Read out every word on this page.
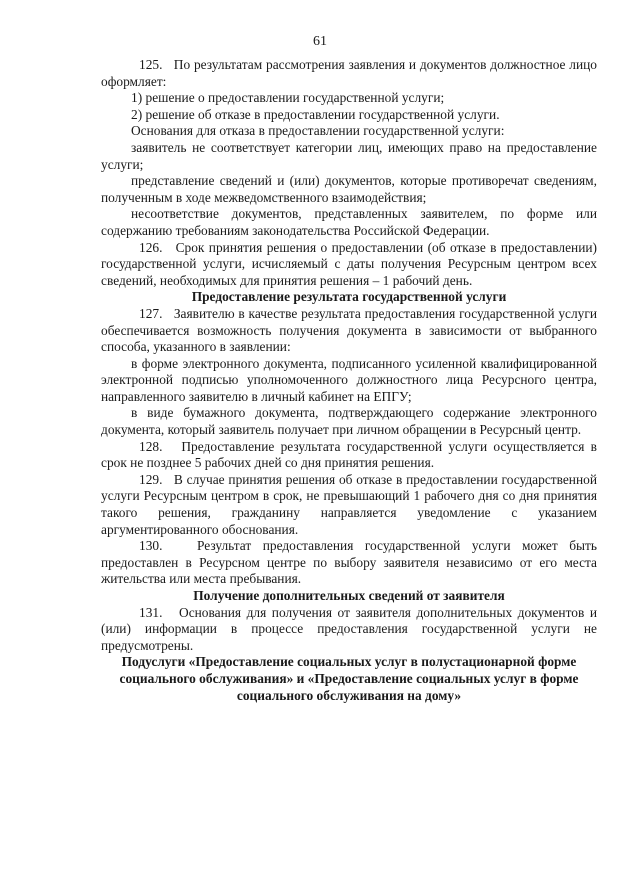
61

125.   По результатам рассмотрения заявления и документов должностное лицо оформляет:

1) решение о предоставлении государственной услуги;

2) решение об отказе в предоставлении государственной услуги.

Основания для отказа в предоставлении государственной услуги:

заявитель не соответствует категории лиц, имеющих право на предоставление услуги;

представление сведений и (или) документов, которые противоречат сведениям, полученным в ходе межведомственного взаимодействия;

несоответствие документов, представленных заявителем, по форме или содержанию требованиям законодательства Российской Федерации.

126.   Срок принятия решения о предоставлении (об отказе в предоставлении) государственной услуги, исчисляемый с даты получения Ресурсным центром всех сведений, необходимых для принятия решения – 1 рабочий день.

Предоставление результата государственной услуги

127.   Заявителю в качестве результата предоставления государственной услуги обеспечивается возможность получения документа в зависимости от выбранного способа, указанного в заявлении:

в форме электронного документа, подписанного усиленной квалифицированной электронной подписью уполномоченного должностного лица Ресурсного центра, направленного заявителю в личный кабинет на ЕПГУ;

в виде бумажного документа, подтверждающего содержание электронного документа, который заявитель получает при личном обращении в Ресурсный центр.

128.   Предоставление результата государственной услуги осуществляется в срок не позднее 5 рабочих дней со дня принятия решения.

129.   В случае принятия решения об отказе в предоставлении государственной услуги Ресурсным центром в срок, не превышающий 1 рабочего дня со дня принятия такого решения, гражданину направляется уведомление с указанием аргументированного обоснования.

130.   Результат предоставления государственной услуги может быть предоставлен в Ресурсном центре по выбору заявителя независимо от его места жительства или места пребывания.

Получение дополнительных сведений от заявителя

131.   Основания для получения от заявителя дополнительных документов и (или) информации в процессе предоставления государственной услуги не предусмотрены.

Подуслуги «Предоставление социальных услуг в полустационарной форме социального обслуживания» и «Предоставление социальных услуг в форме социального обслуживания на дому»
